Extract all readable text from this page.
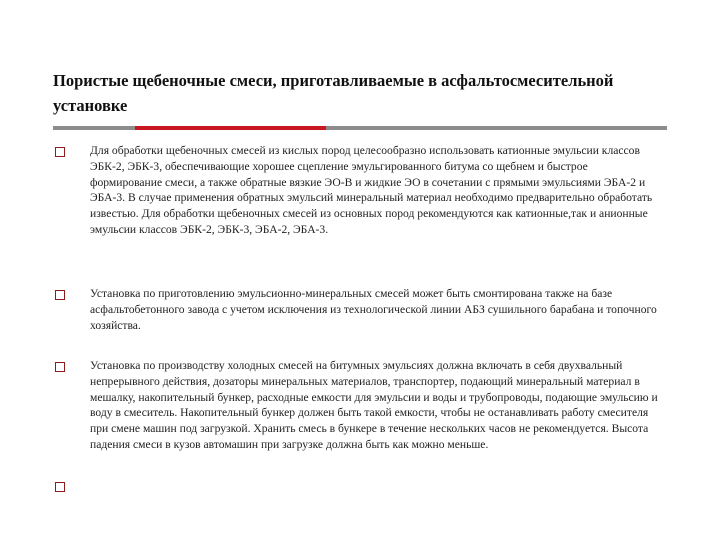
Пористые щебеночные смеси, приготавливаемые в асфальтосмесительной установке

Для обработки щебеночных смесей из кислых пород целесообразно использовать катионные эмульсии классов ЭБК-2, ЭБК-3, обеспечивающие хорошее сцепление эмульгированного битума со щебнем и быстрое формирование смеси, а также обратные вязкие ЭО-В и жидкие ЭО в сочетании с прямыми эмульсиями ЭБА-2 и ЭБА-3. В случае применения обратных эмульсий минеральный материал необходимо предварительно обработать известью. Для обработки щебеночных смесей из основных пород рекомендуются как катионные,так и анионные эмульсии классов ЭБК-2, ЭБК-3, ЭБА-2, ЭБА-3.

Установка по приготовлению эмульсионно-минеральных смесей может быть смонтирована также на базе асфальтобетонного завода с учетом исключения из технологической линии АБЗ сушильного барабана и топочного хозяйства.

Установка по производству холодных смесей на битумных эмульсиях должна включать в себя двухвальный непрерывного действия, дозаторы минеральных материалов, транспортер, подающий минеральный материал в мешалку, накопительный бункер, расходные емкости для эмульсии и воды и трубопроводы, подающие эмульсию и воду в смеситель. Накопительный бункер должен быть такой емкости, чтобы не останавливать работу смесителя при смене машин под загрузкой. Хранить смесь в бункере в течение нескольких часов не рекомендуется. Высота падения смеси в кузов автомашин при загрузке должна быть как можно меньше.
